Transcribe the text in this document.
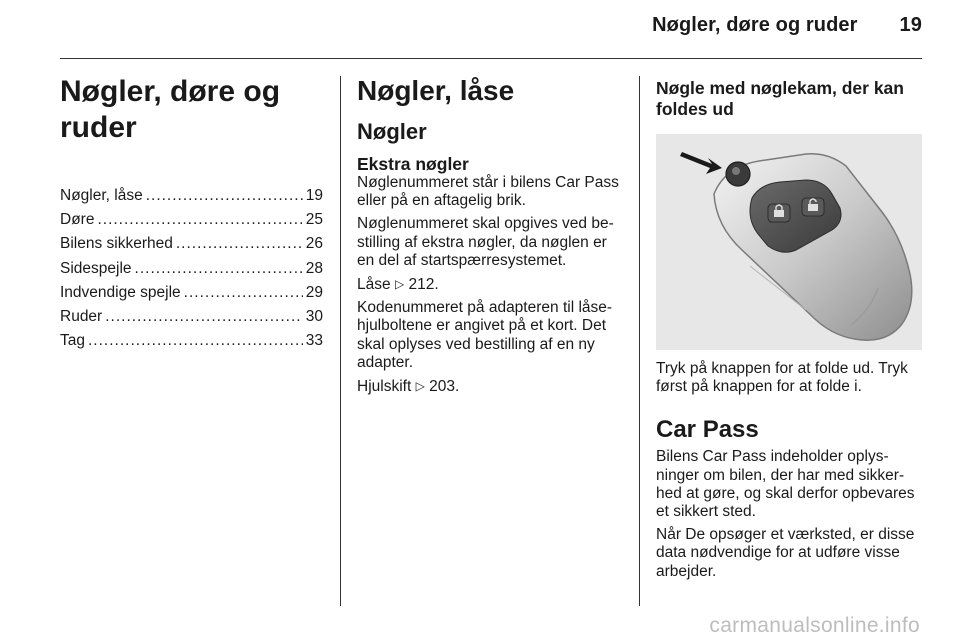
Nøgler, døre og ruder 19
Nøgler, døre og ruder
Nøgler, låse .....	19
Døre .....	25
Bilens sikkerhed .....	26
Sidespejle .....	28
Indvendige spejle .....	29
Ruder .....	30
Tag .....	33
Nøgler, låse
Nøgler
Ekstra nøgler

Nøglenummeret står i bilens Car Pass eller på en aftagelig brik.

Nøglenummeret skal opgives ved be-stilling af ekstra nøgler, da nøglen er en del af startspærresystemet.

Låse ▷ 212.

Kodenummeret på adapteren til låse-hjulboltene er angivet på et kort. Det skal oplyses ved bestilling af en ny adapter.

Hjulskift ▷ 203.

Nøgle med nøglekam, der kan foldes ud

Tryk på knappen for at folde ud. Tryk først på knappen for at folde i.

Car Pass

Bilens Car Pass indeholder oplys-ninger om bilen, der har med sikker-hed at gøre, og skal derfor opbevares et sikkert sted.

Når De opsøger et værksted, er disse data nødvendige for at udføre visse arbejder.

carmanualsonline.info
